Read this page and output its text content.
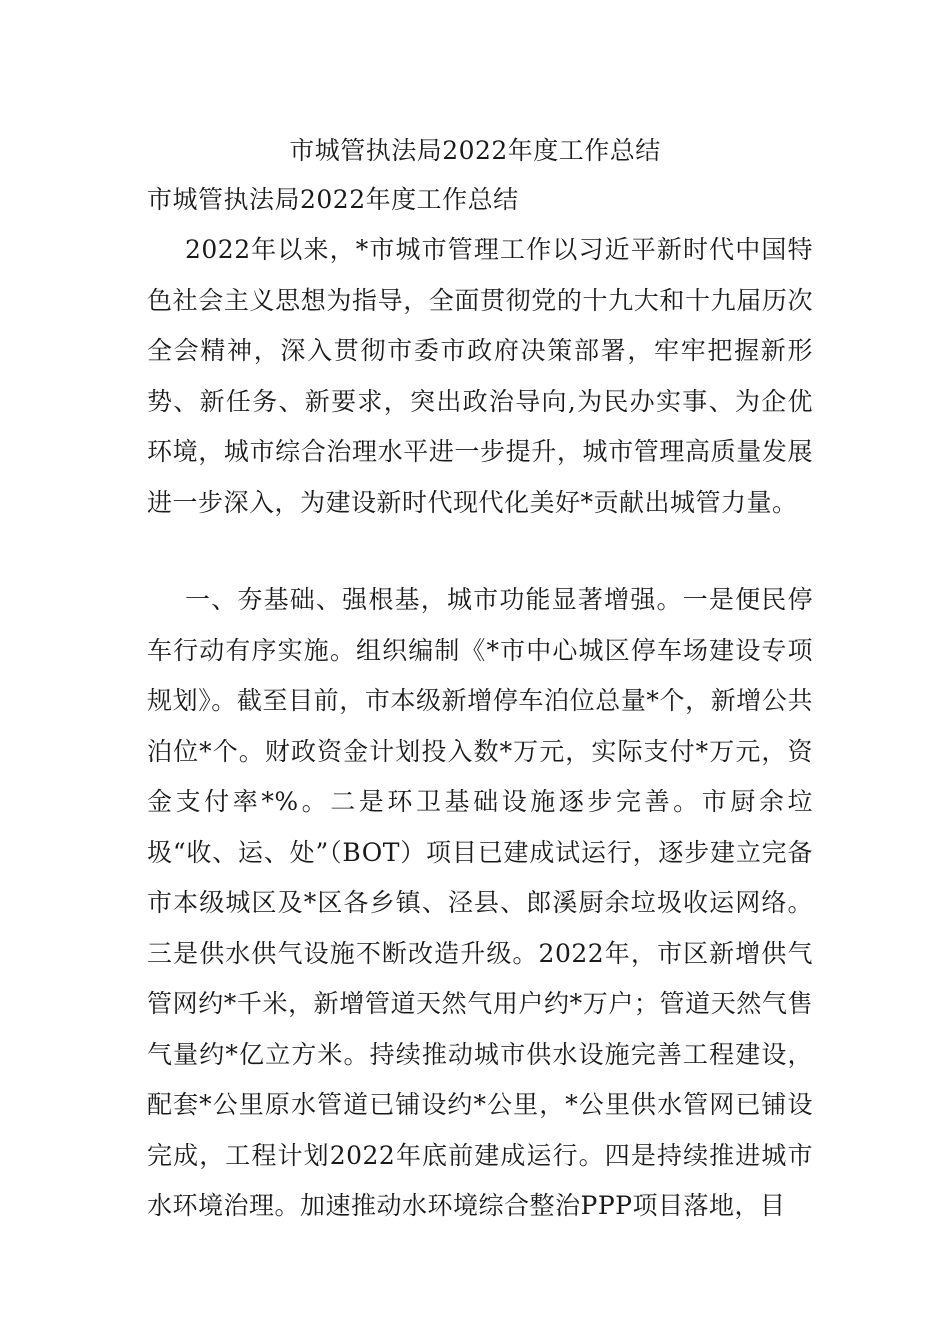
市城管执法局2022年度工作总结
市城管执法局2022年度工作总结

2022年以来，*市城市管理工作以习近平新时代中国特色社会主义思想为指导，全面贯彻党的十九大和十九届历次全会精神，深入贯彻市委市政府决策部署，牢牢把握新形势、新任务、新要求，突出政治导向,为民办实事、为企优环境，城市综合治理水平进一步提升，城市管理高质量发展进一步深入，为建设新时代现代化美好*贡献出城管力量。

一、夯基础、强根基，城市功能显著增强。一是便民停车行动有序实施。组织编制《*市中心城区停车场建设专项规划》。截至目前，市本级新增停车泊位总量*个，新增公共泊位*个。财政资金计划投入数*万元，实际支付*万元，资金支付率*%。二是环卫基础设施逐步完善。市厨余垃圾“收、运、处”（BOT）项目已建成试运行，逐步建立完备市本级城区及*区各乡镇、泾县、郎溪厨余垃圾收运网络。三是供水供气设施不断改造升级。2022年，市区新增供气管网约*千米，新增管道天然气用户约*万户；管道天然气售气量约*亿立方米。持续推动城市供水设施完善工程建设，配套*公里原水管道已铺设约*公里，*公里供水管网已铺设完成，工程计划2022年底前建成运行。四是持续推进城市水环境治理。加速推动水环境综合整治PPP项目落地，目
